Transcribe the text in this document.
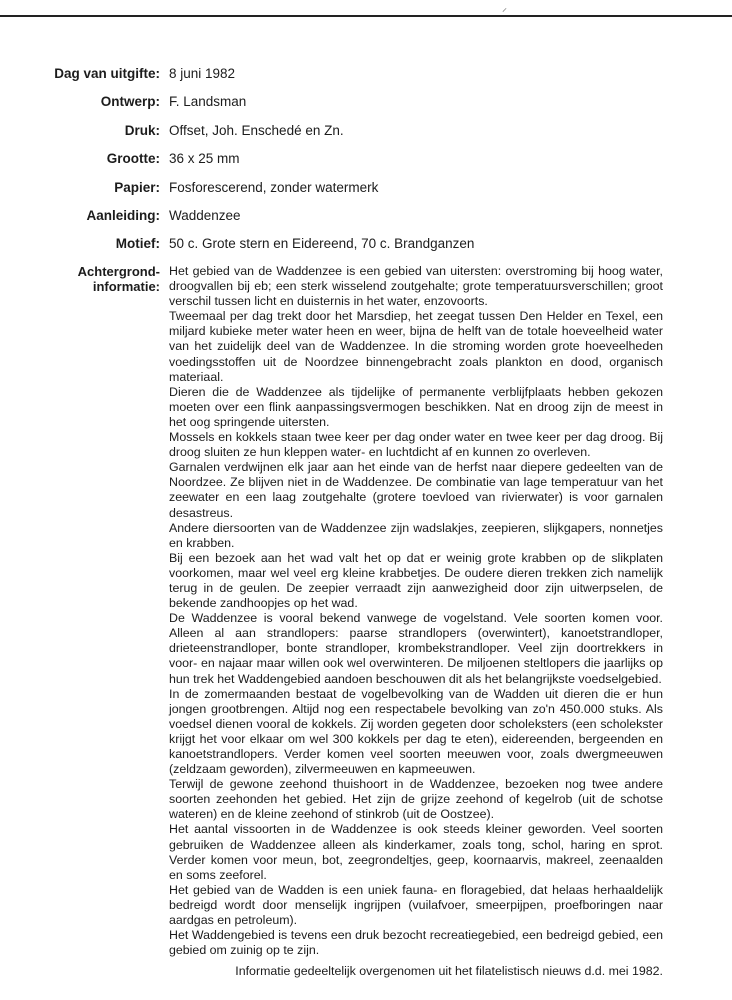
⸝
Dag van uitgifte: 8 juni 1982
Ontwerp: F. Landsman
Druk: Offset, Joh. Enschedé en Zn.
Grootte: 36 x 25 mm
Papier: Fosforescerend, zonder watermerk
Aanleiding: Waddenzee
Motief: 50 c. Grote stern en Eidereend, 70 c. Brandganzen
Achtergrond-
informatie:

Het gebied van de Waddenzee is een gebied van uitersten: overstroming bij hoog water, droogvallen bij eb; een sterk wisselend zoutgehalte; grote temperatuursverschillen; groot verschil tussen licht en duisternis in het water, enzovoorts.

Tweemaal per dag trekt door het Marsdiep, het zeegat tussen Den Helder en Texel, een miljard kubieke meter water heen en weer, bijna de helft van de totale hoeveelheid water van het zuidelijk deel van de Waddenzee. In die stroming worden grote hoeveelheden voedingsstoffen uit de Noordzee binnengebracht zoals plankton en dood, organisch materiaal.

Dieren die de Waddenzee als tijdelijke of permanente verblijfplaats hebben gekozen moeten over een flink aanpassingsvermogen beschikken. Nat en droog zijn de meest in het oog springende uitersten.

Mossels en kokkels staan twee keer per dag onder water en twee keer per dag droog. Bij droog sluiten ze hun kleppen water- en luchtdicht af en kunnen zo overleven.

Garnalen verdwijnen elk jaar aan het einde van de herfst naar diepere gedeelten van de Noordzee. Ze blijven niet in de Waddenzee. De combinatie van lage temperatuur van het zeewater en een laag zoutgehalte (grotere toevloed van rivierwater) is voor garnalen desastreus.

Andere diersoorten van de Waddenzee zijn wadslakjes, zeepieren, slijkgapers, nonnetjes en krabben.

Bij een bezoek aan het wad valt het op dat er weinig grote krabben op de slikplaten voorkomen, maar wel veel erg kleine krabbetjes. De oudere dieren trekken zich namelijk terug in de geulen. De zeepier verraadt zijn aanwezigheid door zijn uitwerpselen, de bekende zandhoopjes op het wad.

De Waddenzee is vooral bekend vanwege de vogelstand. Vele soorten komen voor. Alleen al aan strandlopers: paarse strandlopers (overwintert), kanoetstrandloper, drieteenstrandloper, bonte strandloper, krombekstrandloper. Veel zijn doortrekkers in voor- en najaar maar willen ook wel overwinteren. De miljoenen steltlopers die jaarlijks op hun trek het Waddengebied aandoen beschouwen dit als het belangrijkste voedselgebied.

In de zomermaanden bestaat de vogelbevolking van de Wadden uit dieren die er hun jongen grootbrengen. Altijd nog een respectabele bevolking van zo'n 450.000 stuks. Als voedsel dienen vooral de kokkels. Zij worden gegeten door scholeksters (een scholekster krijgt het voor elkaar om wel 300 kokkels per dag te eten), eidereenden, bergeenden en kanoetstrandlopers. Verder komen veel soorten meeuwen voor, zoals dwergmeeuwen (zeldzaam geworden), zilvermeeuwen en kapmeeuwen.

Terwijl de gewone zeehond thuishoort in de Waddenzee, bezoeken nog twee andere soorten zeehonden het gebied. Het zijn de grijze zeehond of kegelrob (uit de schotse wateren) en de kleine zeehond of stinkrob (uit de Oostzee).

Het aantal vissoorten in de Waddenzee is ook steeds kleiner geworden. Veel soorten gebruiken de Waddenzee alleen als kinderkamer, zoals tong, schol, haring en sprot. Verder komen voor meun, bot, zeegrondeltjes, geep, koornaarvis, makreel, zeenaalden en soms zeeforel.

Het gebied van de Wadden is een uniek fauna- en floragebied, dat helaas herhaaldelijk bedreigd wordt door menselijk ingrijpen (vuilafvoer, smeerpijpen, proefboringen naar aardgas en petroleum).

Het Waddengebied is tevens een druk bezocht recreatiegebied, een bedreigd gebied, een gebied om zuinig op te zijn.

Informatie gedeeltelijk overgenomen uit het filatelistisch nieuws d.d. mei 1982.
